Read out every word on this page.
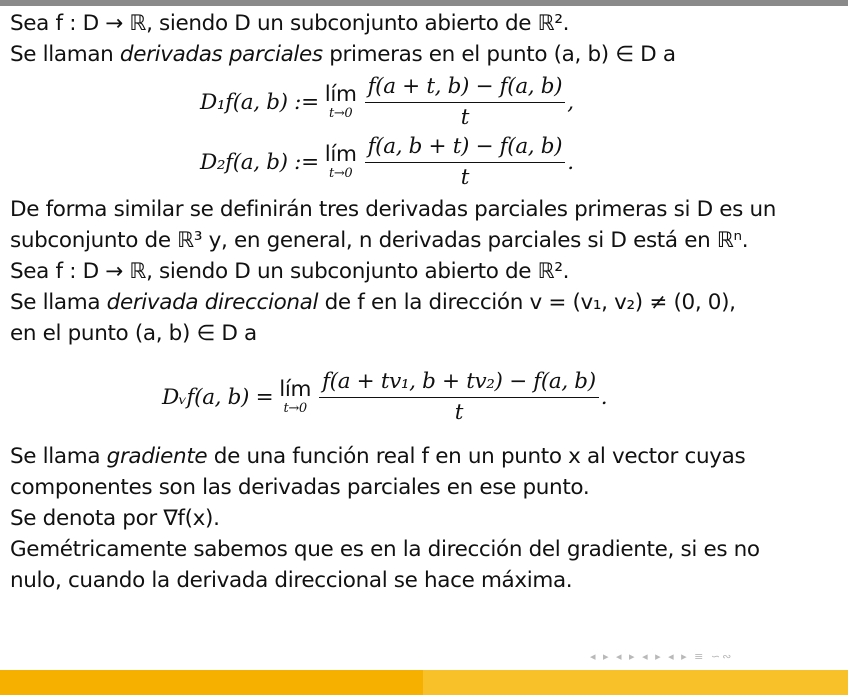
Sea f : D → ℝ, siendo D un subconjunto abierto de ℝ².
Se llaman derivadas parciales primeras en el punto (a, b) ∈ D a
D₁f(a, b) := lím
$t\to 0 \frac{f(a + t, b) - f(a, b)}{t}$ ,
D₂f(a, b) := lím
$t\to 0 \frac{f(a, b + t) - f(a, b)}{t}$ .
De forma similar se definirán tres derivadas parciales primeras si D es un
subconjunto de ℝ³ y, en general, n derivadas parciales si D está en ℝⁿ.
Sea f : D → ℝ, siendo D un subconjunto abierto de ℝ².
Se llama derivada direccional de f en la dirección v = (v₁, v₂) ≠ (0, 0),
en el punto (a, b) ∈ D a
Dᵥf(a, b) = lím
$t\to 0 \frac{\text{f(a + tv₁, b + tv₂) − f(a, b)}}{t}$ .
Se llama gradiente de una función real f en un punto x al vector cuyas
componentes son las derivadas parciales en ese punto.
Se denota por ∇f(x).
Gemétricamente sabemos que es en la dirección del gradiente, si es no
nulo, cuando la derivada direccional se hace máxima.
◂ ▸ ◂ ▸ ◂ ▸ ◂ ▸ ≡ ∽∾
